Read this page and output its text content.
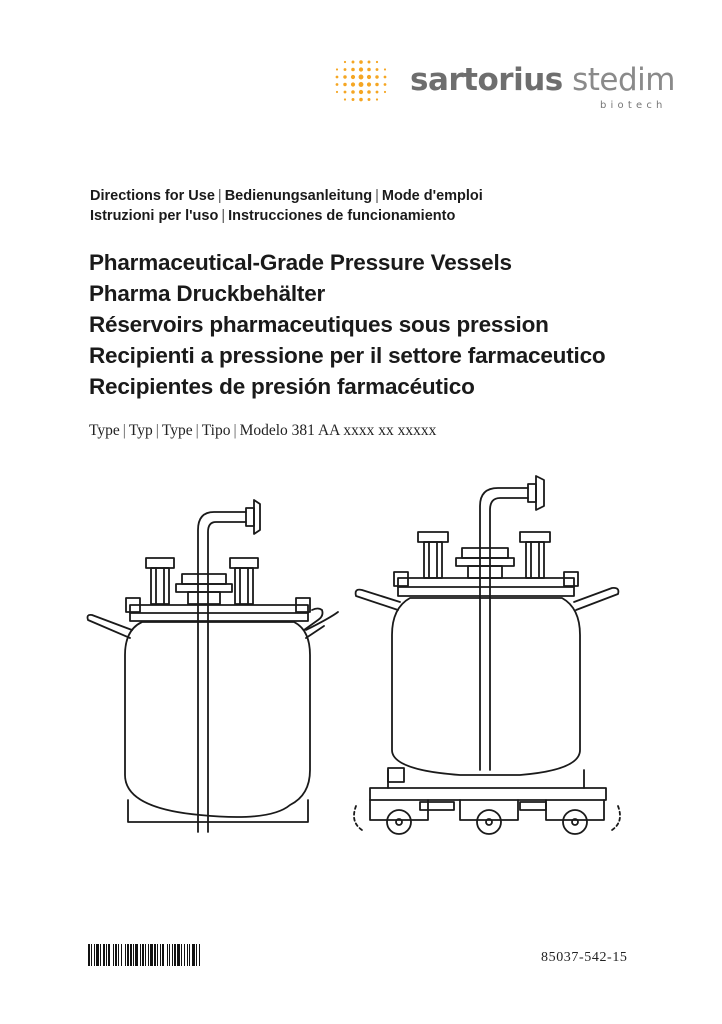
sartorius stedim
biotech
Directions for Use | Bedienungsanleitung | Mode d'emploi
Istruzioni per l'uso | Instrucciones de funcionamiento
Pharmaceutical-Grade Pressure Vessels
Pharma Druckbehälter
Réservoirs pharmaceutiques sous pression
Recipienti a pressione per il settore farmaceutico
Recipientes de presión farmacéutico
Type | Typ | Type | Tipo | Modelo 381 AA xxxx xx xxxxx
85037-542-15
